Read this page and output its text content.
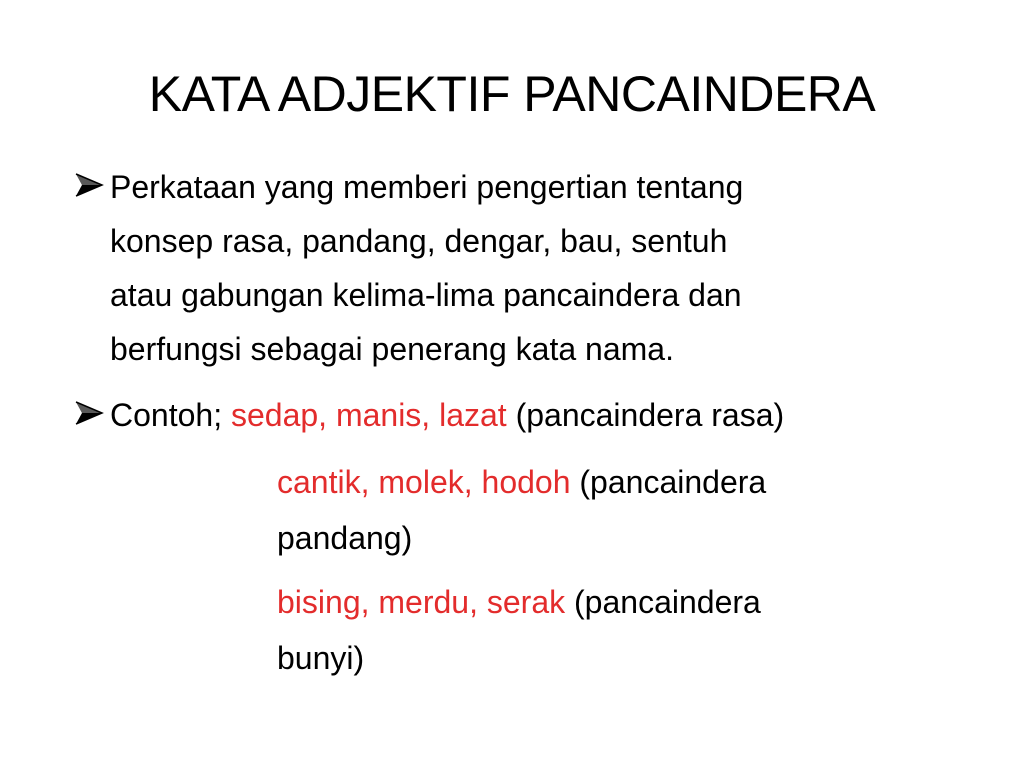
KATA ADJEKTIF PANCAINDERA
Perkataan yang memberi pengertian tentang
konsep rasa, pandang, dengar, bau, sentuh
atau gabungan kelima-lima pancaindera dan
berfungsi sebagai penerang kata nama.
Contoh; sedap, manis, lazat (pancaindera rasa)
cantik, molek, hodoh (pancaindera
pandang)
bising, merdu, serak (pancaindera
bunyi)
